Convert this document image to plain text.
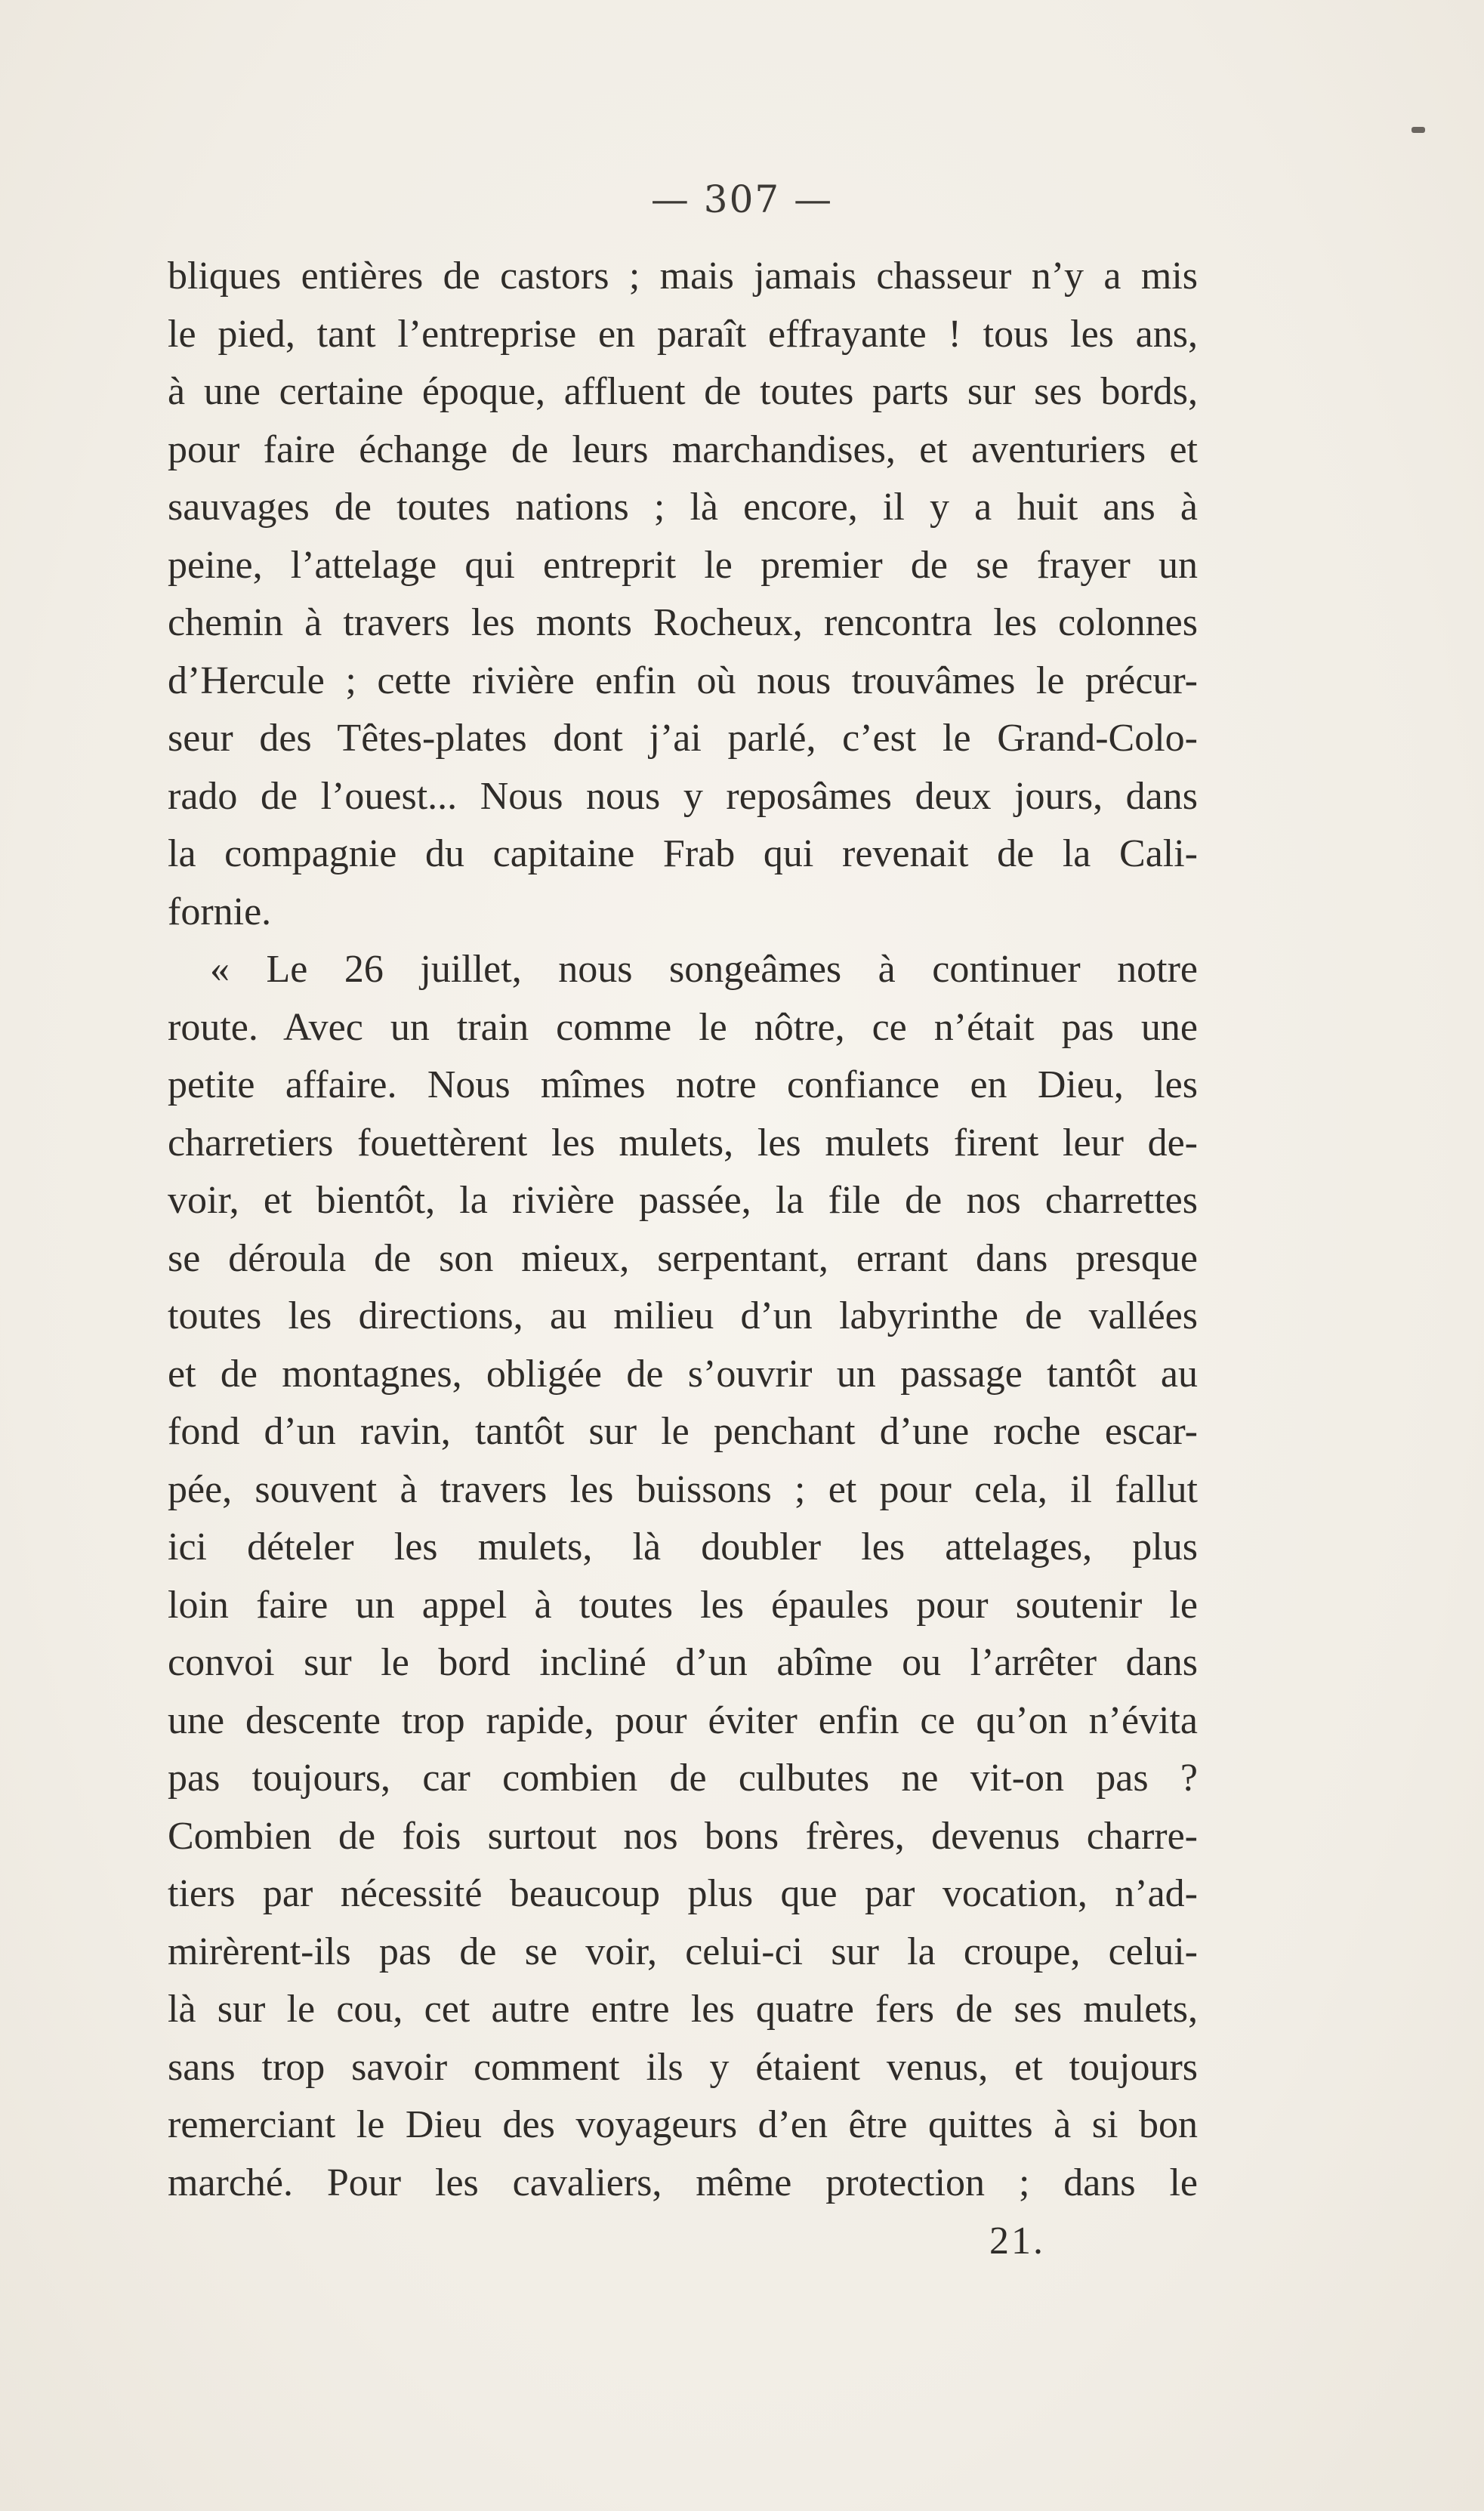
— 307 —
bliques entières de castors ; mais jamais chasseur n’y a mis
le pied, tant l’entreprise en paraît effrayante ! tous les ans,
à une certaine époque, affluent de toutes parts sur ses bords,
pour faire échange de leurs marchandises, et aventuriers et
sauvages de toutes nations ; là encore, il y a huit ans à
peine, l’attelage qui entreprit le premier de se frayer un
chemin à travers les monts Rocheux, rencontra les colonnes
d’Hercule ; cette rivière enfin où nous trouvâmes le précur-
seur des Têtes-plates dont j’ai parlé, c’est le Grand-Colo-
rado de l’ouest... Nous nous y reposâmes deux jours, dans
la compagnie du capitaine Frab qui revenait de la Cali-
fornie.
« Le 26 juillet, nous songeâmes à continuer notre
route. Avec un train comme le nôtre, ce n’était pas une
petite affaire. Nous mîmes notre confiance en Dieu, les
charretiers fouettèrent les mulets, les mulets firent leur de-
voir, et bientôt, la rivière passée, la file de nos charrettes
se déroula de son mieux, serpentant, errant dans presque
toutes les directions, au milieu d’un labyrinthe de vallées
et de montagnes, obligée de s’ouvrir un passage tantôt au
fond d’un ravin, tantôt sur le penchant d’une roche escar-
pée, souvent à travers les buissons ; et pour cela, il fallut
ici dételer les mulets, là doubler les attelages, plus
loin faire un appel à toutes les épaules pour soutenir le
convoi sur le bord incliné d’un abîme ou l’arrêter dans
une descente trop rapide, pour éviter enfin ce qu’on n’évita
pas toujours, car combien de culbutes ne vit-on pas ?
Combien de fois surtout nos bons frères, devenus charre-
tiers par nécessité beaucoup plus que par vocation, n’ad-
mirèrent-ils pas de se voir, celui-ci sur la croupe, celui-
là sur le cou, cet autre entre les quatre fers de ses mulets,
sans trop savoir comment ils y étaient venus, et toujours
remerciant le Dieu des voyageurs d’en être quittes à si bon
marché. Pour les cavaliers, même protection ; dans le
21.
